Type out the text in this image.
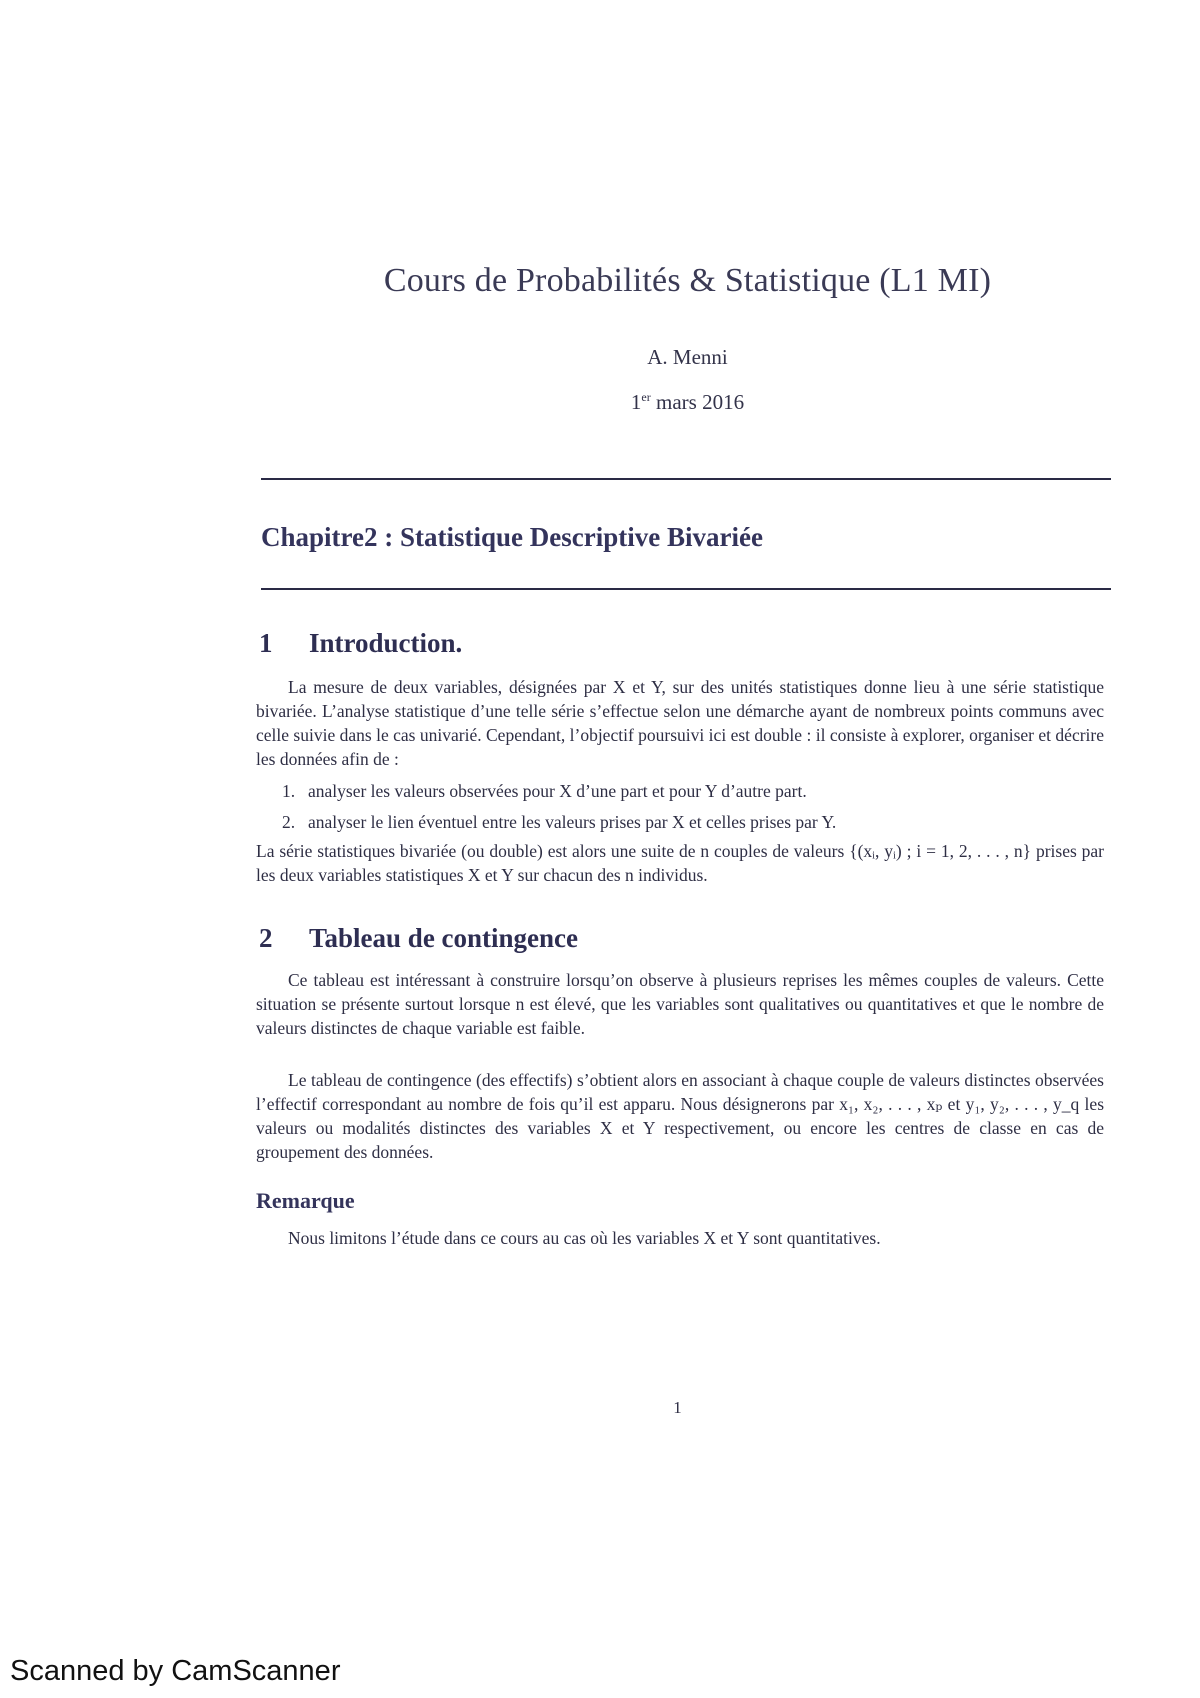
Cours de Probabilités & Statistique (L1 MI)
A. Menni
1er mars 2016
Chapitre2 : Statistique Descriptive Bivariée
1 Introduction.
La mesure de deux variables, désignées par X et Y, sur des unités statistiques donne lieu à une série statistique bivariée. L’analyse statistique d’une telle série s’effectue selon une démarche ayant de nombreux points communs avec celle suivie dans le cas univarié. Cependant, l’objectif poursuivi ici est double : il consiste à explorer, organiser et décrire les données afin de :
1. analyser les valeurs observées pour X d’une part et pour Y d’autre part.
2. analyser le lien éventuel entre les valeurs prises par X et celles prises par Y.
La série statistiques bivariée (ou double) est alors une suite de n couples de valeurs {(xᵢ, yᵢ) ; i = 1, 2, . . . , n} prises par les deux variables statistiques X et Y sur chacun des n individus.
2 Tableau de contingence
Ce tableau est intéressant à construire lorsqu’on observe à plusieurs reprises les mêmes couples de valeurs. Cette situation se présente surtout lorsque n est élevé, que les variables sont qualitatives ou quantitatives et que le nombre de valeurs distinctes de chaque variable est faible.
Le tableau de contingence (des effectifs) s’obtient alors en associant à chaque couple de valeurs distinctes observées l’effectif correspondant au nombre de fois qu’il est apparu. Nous désignerons par x₁, x₂, . . . , xₚ et y₁, y₂, . . . , y_q les valeurs ou modalités distinctes des variables X et Y respectivement, ou encore les centres de classe en cas de groupement des données.
Remarque
Nous limitons l’étude dans ce cours au cas où les variables X et Y sont quantitatives.
1
Scanned by CamScanner
